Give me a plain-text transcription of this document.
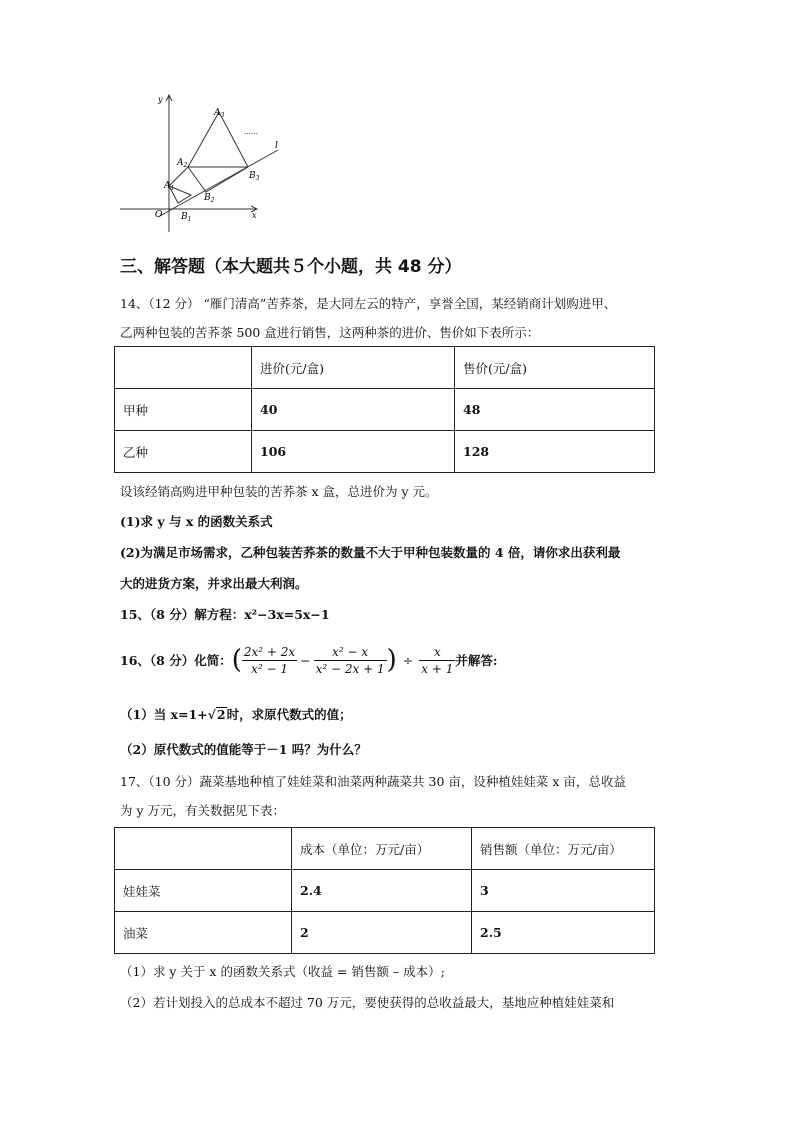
y
x
O
$A_3$
$A_2$
$A_1$
$B_1$
$B_2$
$B_3$
l
……
三、解答题（本大题共５个小题，共 48 分）
14、（12 分） “雁门清高”苦荞茶，是大同左云的特产，享誉全国，某经销商计划购进甲、
乙两种包装的苦荞茶 500 盒进行销售，这两种茶的进价、售价如下表所示：
	进价(元/盒)	售价(元/盒)
甲种	40	48
乙种	106	128
设该经销高购进甲种包装的苦荞茶 x 盒，总进价为 y 元。
(1)求 y 与 x 的函数关系式
(2)为满足市场需求，乙种包装苦荞茶的数量不大于甲种包装数量的 4 倍，请你求出获利最
大的进货方案，并求出最大利润。
15、（8 分）解方程：x²−3x=5x−1
16、（8 分）化简： ( $\frac{\text{2x² + 2x}}{\text{x² − 1}} - \frac{\text{x² − x}}{\text{x² − 2x + 1}}$ ) ÷ $\frac{x}{x + 1}$ 并解答:
（1）当 x=1+√2时，求原代数式的值；
（2）原代数式的值能等于－1 吗？为什么？
17、（10 分）蔬菜基地种植了娃娃菜和油菜两种蔬菜共 30 亩，设种植娃娃菜 x 亩，总收益
为 y 万元，有关数据见下表：
	成本（单位：万元/亩）	销售额（单位：万元/亩）
娃娃菜	2.4	3
油菜	2	2.5
（1）求 y 关于 x 的函数关系式（收益 = 销售额 – 成本）;
（2）若计划投入的总成本不超过 70 万元，要使获得的总收益最大，基地应种植娃娃菜和
